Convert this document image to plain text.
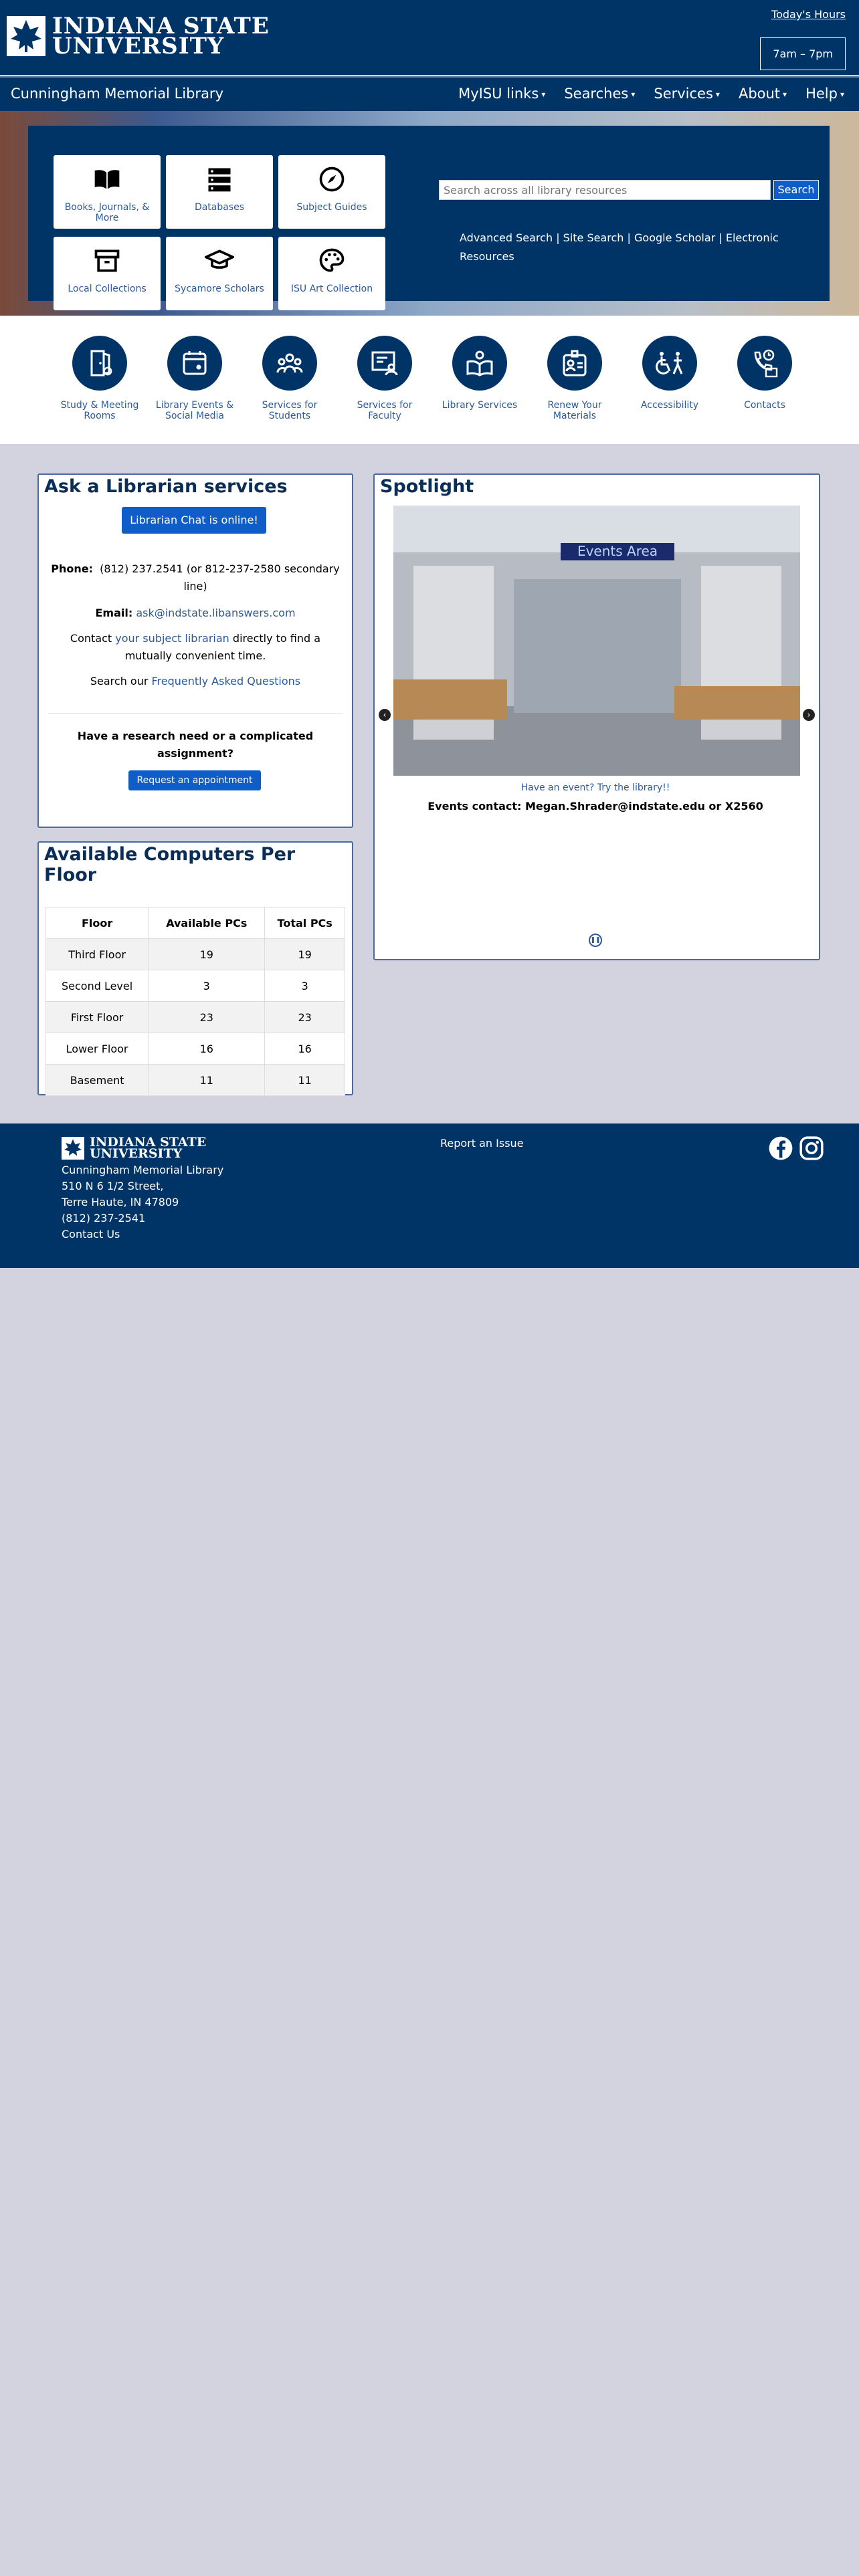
INDIANA STATE
UNIVERSITY
Today's Hours
7am – 7pm
Cunningham Memorial Library	MyISU links ▾	Searches ▾	Services ▾	About ▾	Help ▾
Books, Journals, & More
Databases	Subject Guides
Local Collections	Sycamore Scholars	ISU Art Collection
Search across all library resources
Search
Advanced Search | Site Search | Google Scholar | Electronic Resources
Study & Meeting Rooms
Library Events & Social Media
Services for Students
Services for Faculty
Library Services	Renew Your Materials
Accessibility	Contacts
Ask a Librarian services
Librarian Chat is online!
Phone: (812) 237.2541 (or 812-237-2580 secondary line)
Email: ask@indstate.libanswers.com
Contact your subject librarian directly to find a
mutually convenient time.
Search our Frequently Asked Questions
Have a research need or a complicated assignment?
Request an appointment
Available Computers Per Floor
Floor	Available PCs	Total PCs
Third Floor	19	19
Second Level	3	3
First Floor	23	23
Lower Floor	16	16
Basement	11	11
Spotlight
Events Area
‹	›
Have an event? Try the library!!
Events contact: Megan.Shrader@indstate.edu or X2560
❚❚
INDIANA STATE
UNIVERSITY
Cunningham Memorial Library
510 N 6 1/2 Street,
Terre Haute, IN 47809
(812) 237-2541
Contact Us
Report an Issue
